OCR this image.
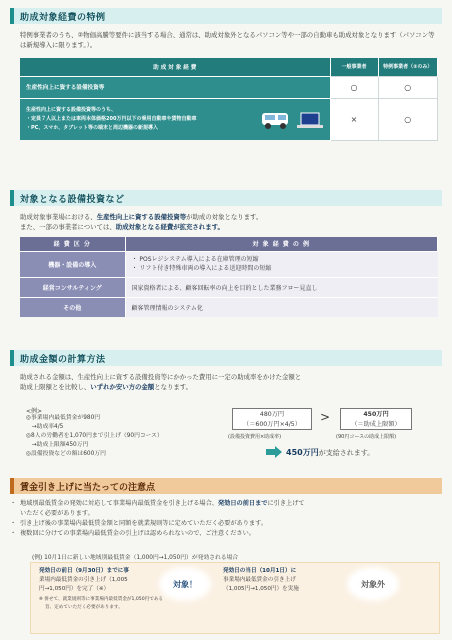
助成対象経費の特例
特例事業者のうち、②物価高騰等要件に該当する場合、通常は、助成対象外となるパソコン等や一部の自動車も助成対象となります（パソコン等は新規導入に限ります。）。
助 成 対 象 経 費	一般事業者	特例事業者（②のみ）
生産性向上に資する設備投資等	○	○

生産性向上に資する設備投資等のうち、
・定員７人以上または車両本体価格200万円以下の乗用自動車や貨物自動車
・PC、スマホ、タブレット等の端末と周辺機器の新規導入	×	○
対象となる設備投資など
助成対象事業場における、生産性向上に資する設備投資等が助成の対象となります。
また、一部の事業者については、助成対象となる経費が拡充されます。
経 費 区 分	対 象 経 費 の 例
機器・設備の導入	・ POSレジシステム導入による在庫管理の短縮
・ リフト付き特殊車両の導入による送迎時間の短縮

経営コンサルティング	国家資格者による、顧客回転率の向上を目的とした業務フロー見直し
その他	顧客管理情報のシステム化
助成金額の計算方法
助成される金額は、生産性向上に資する設備投資等にかかった費用に一定の助成率をかけた金額と
助成上限額とを比較し、いずれか安い方の金額となります。
<例>
◎事業場内最低賃金が980円
　→助成率4/5
◎8人の労働者を1,070円まで引上げ（90円コース）
　→助成上限額450万円
◎設備投資などの額は600万円
480万円
（＝600万円×4/5）
(設備投資費用×助成率)
>	450万円
（＝助成上限額）
(90円コースの助成上限額)
450万円が支給されます。
賃金引き上げに当たっての注意点
・ 地域別最低賃金の発効に対応して事業場内最低賃金を引き上げる場合、発効日の前日までに引き上げて
いただく必要があります。
・ 引き上げ後の事業場内最低賃金額と同額を就業規則等に定めていただく必要があります。
・ 複数回に分けての事業場内最低賃金の引上げは認められないので、ご注意ください。
(例) 10月1日に新しい地域別最低賃金（1,000円→1,050円）が発効される場合
発効日の前日（9月30日）までに事
業場内最低賃金の引き上げ（1,005
円→1,050円）を完了（※）
※ 併せて、就業規則等に事業場内最低賃金が1,050円である
旨、定めていただく必要があります。
対象！
発効日の当日（10月1日）に
事業場内最低賃金の引き上げ
（1,005円→1,050円）を実施
対象外
